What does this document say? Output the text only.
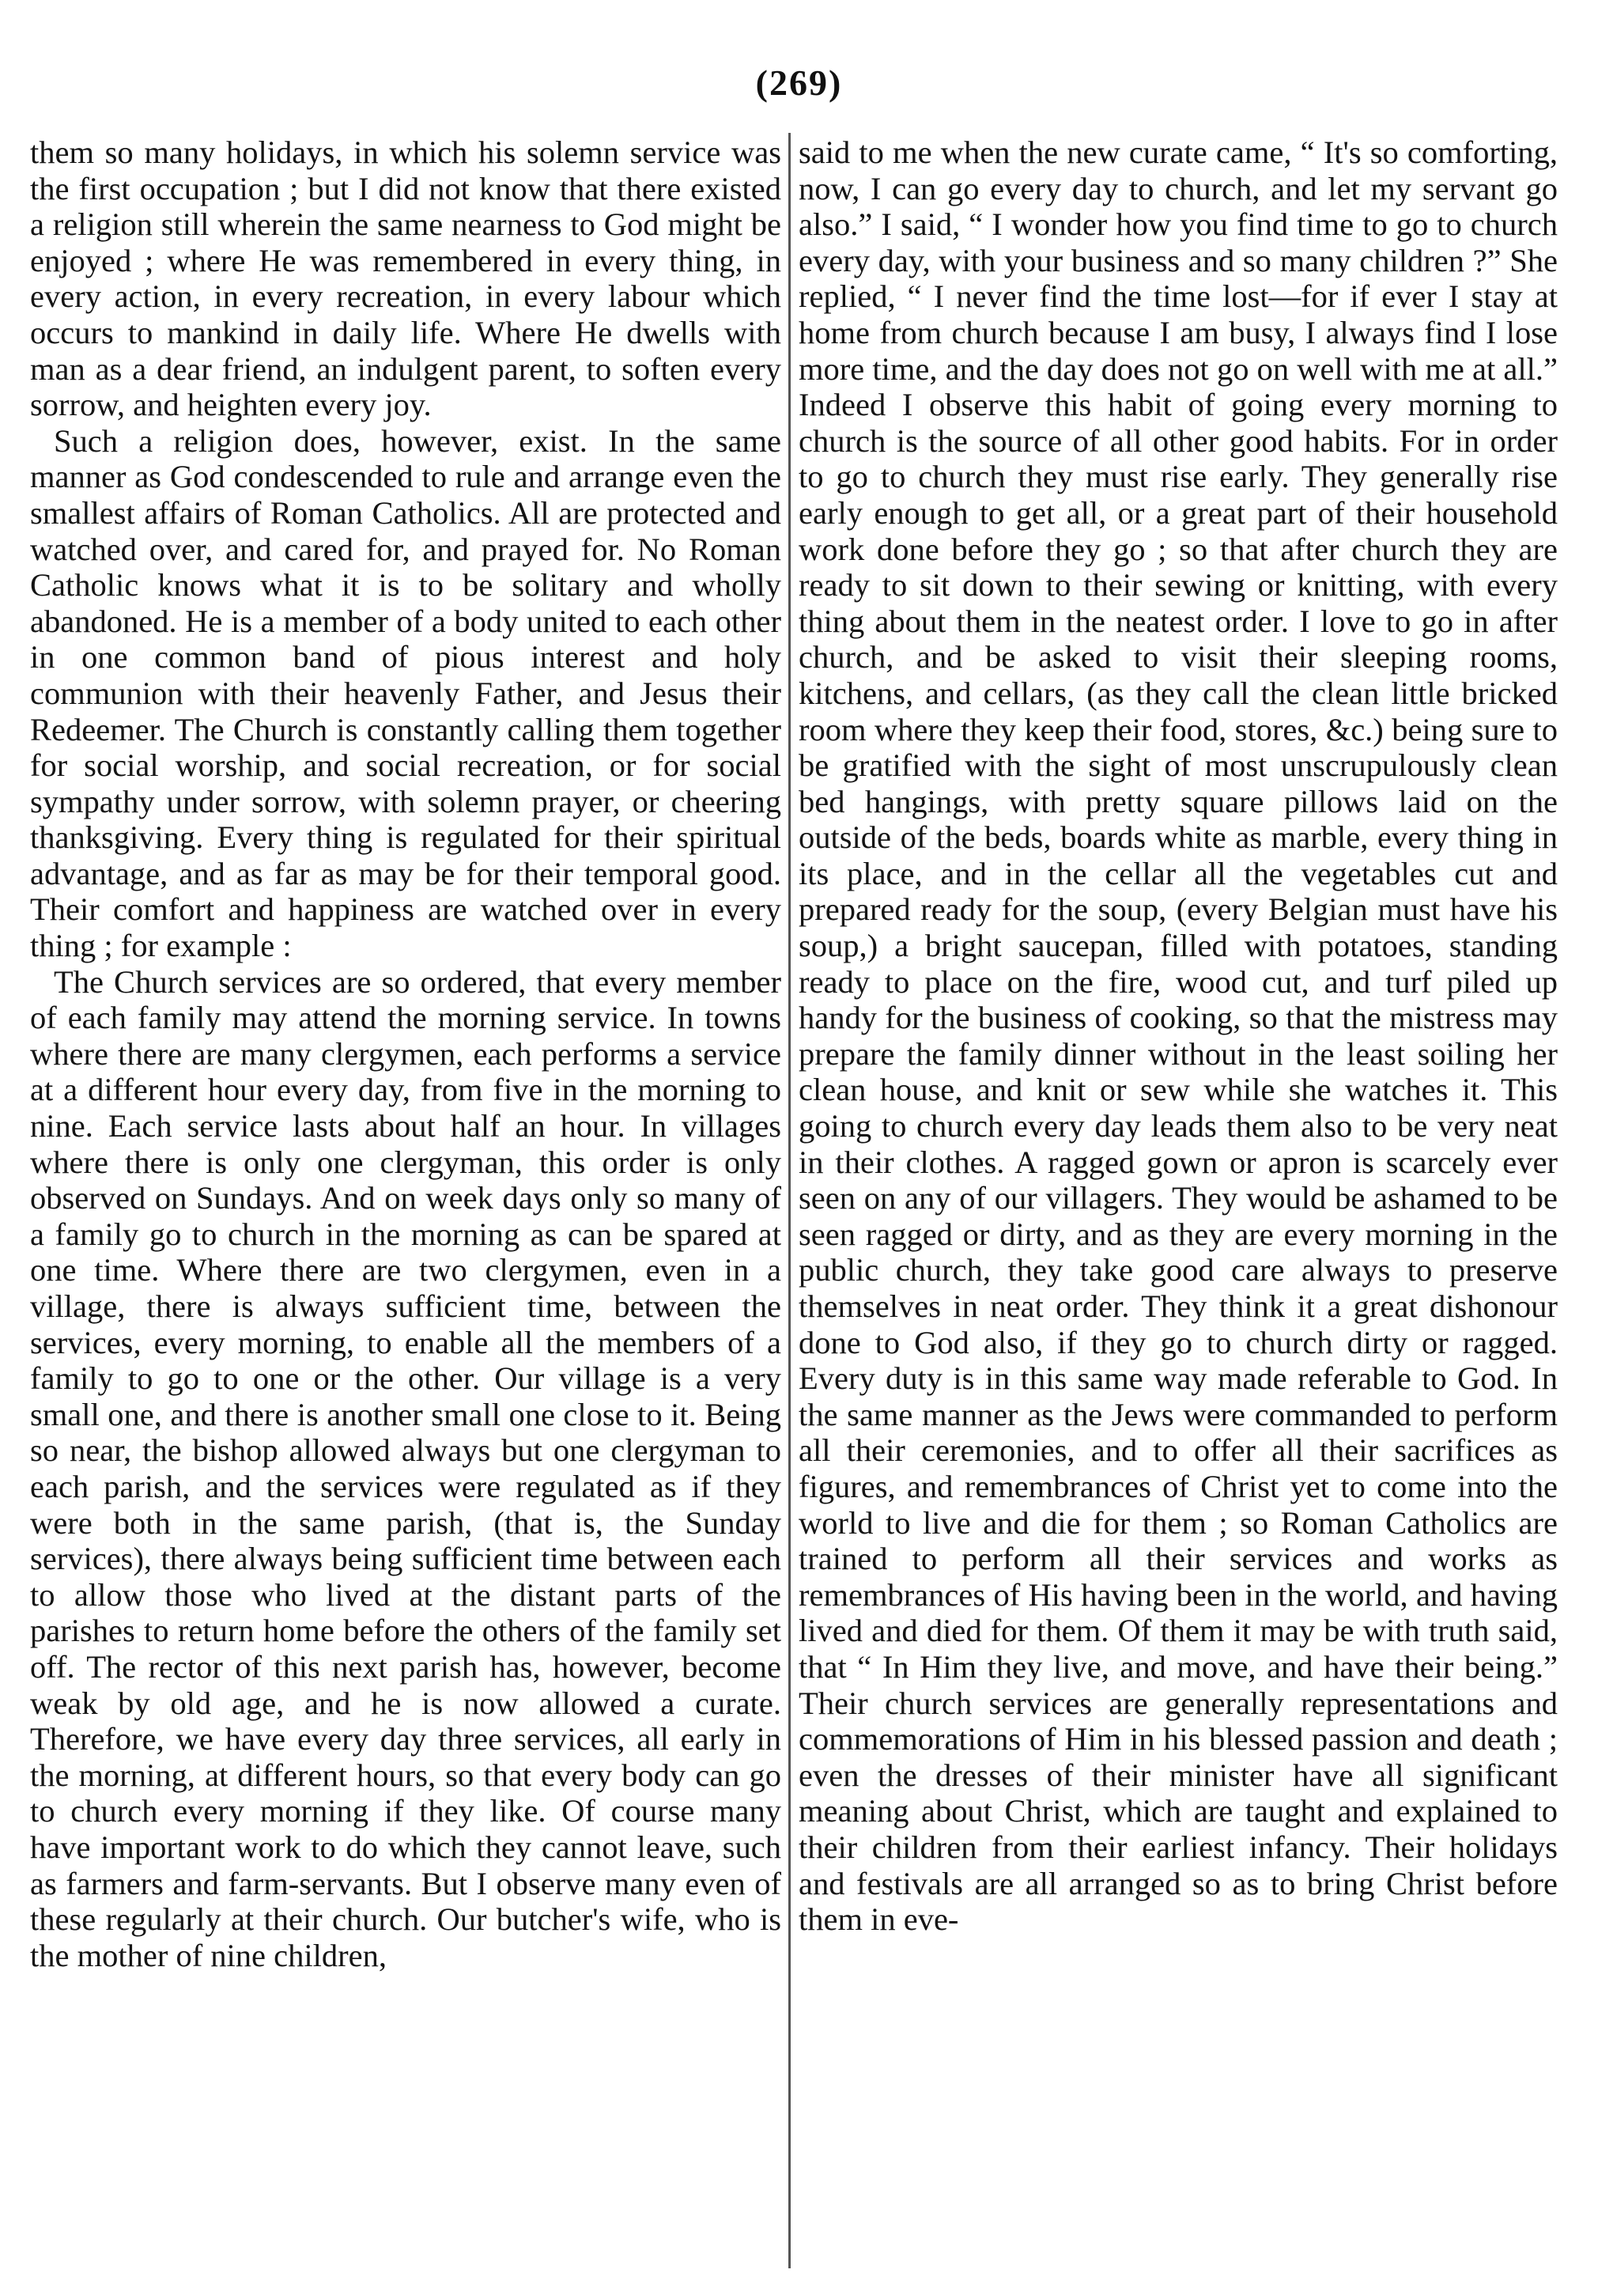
(269)

them so many holidays, in which his solemn service was the first occupation ; but I did not know that there existed a religion still wherein the same nearness to God might be enjoyed ; where He was remembered in every thing, in every action, in every recreation, in every labour which occurs to mankind in daily life. Where He dwells with man as a dear friend, an indulgent parent, to soften every sorrow, and heighten every joy.

Such a religion does, however, exist. In the same manner as God condescended to rule and arrange even the smallest affairs of Roman Catholics. All are protected and watched over, and cared for, and prayed for. No Roman Catholic knows what it is to be solitary and wholly abandoned. He is a member of a body united to each other in one common band of pious interest and holy communion with their heavenly Father, and Jesus their Redeemer. The Church is constantly calling them together for social worship, and social recreation, or for social sympathy under sorrow, with solemn prayer, or cheering thanksgiving. Every thing is regulated for their spiritual advantage, and as far as may be for their temporal good. Their comfort and happiness are watched over in every thing ; for example :

The Church services are so ordered, that every member of each family may attend the morning service. In towns where there are many clergymen, each performs a service at a different hour every day, from five in the morning to nine. Each service lasts about half an hour. In villages where there is only one clergyman, this order is only observed on Sundays. And on week days only so many of a family go to church in the morning as can be spared at one time. Where there are two clergymen, even in a village, there is always sufficient time, between the services, every morning, to enable all the members of a family to go to one or the other. Our village is a very small one, and there is another small one close to it. Being so near, the bishop allowed always but one clergyman to each parish, and the services were regulated as if they were both in the same parish, (that is, the Sunday services), there always being sufficient time between each to allow those who lived at the distant parts of the parishes to return home before the others of the family set off. The rector of this next parish has, however, become weak by old age, and he is now allowed a curate. Therefore, we have every day three services, all early in the morning, at different hours, so that every body can go to church every morning if they like. Of course many have important work to do which they cannot leave, such as farmers and farm-servants. But I observe many even of these regularly at their church. Our butcher's wife, who is the mother of nine children,

said to me when the new curate came, “ It's so comforting, now, I can go every day to church, and let my servant go also.” I said, “ I wonder how you find time to go to church every day, with your business and so many children ?” She replied, “ I never find the time lost—for if ever I stay at home from church because I am busy, I always find I lose more time, and the day does not go on well with me at all.” Indeed I observe this habit of going every morning to church is the source of all other good habits. For in order to go to church they must rise early. They generally rise early enough to get all, or a great part of their household work done before they go ; so that after church they are ready to sit down to their sewing or knitting, with every thing about them in the neatest order. I love to go in after church, and be asked to visit their sleeping rooms, kitchens, and cellars, (as they call the clean little bricked room where they keep their food, stores, &c.) being sure to be gratified with the sight of most unscrupulously clean bed hangings, with pretty square pillows laid on the outside of the beds, boards white as marble, every thing in its place, and in the cellar all the vegetables cut and prepared ready for the soup, (every Belgian must have his soup,) a bright saucepan, filled with potatoes, standing ready to place on the fire, wood cut, and turf piled up handy for the business of cooking, so that the mistress may prepare the family dinner without in the least soiling her clean house, and knit or sew while she watches it. This going to church every day leads them also to be very neat in their clothes. A ragged gown or apron is scarcely ever seen on any of our villagers. They would be ashamed to be seen ragged or dirty, and as they are every morning in the public church, they take good care always to preserve themselves in neat order. They think it a great dishonour done to God also, if they go to church dirty or ragged. Every duty is in this same way made referable to God. In the same manner as the Jews were commanded to perform all their ceremonies, and to offer all their sacrifices as figures, and remembrances of Christ yet to come into the world to live and die for them ; so Roman Catholics are trained to perform all their services and works as remembrances of His having been in the world, and having lived and died for them. Of them it may be with truth said, that “ In Him they live, and move, and have their being.” Their church services are generally representations and commemorations of Him in his blessed passion and death ; even the dresses of their minister have all significant meaning about Christ, which are taught and explained to their children from their earliest infancy. Their holidays and festivals are all arranged so as to bring Christ before them in eve-
